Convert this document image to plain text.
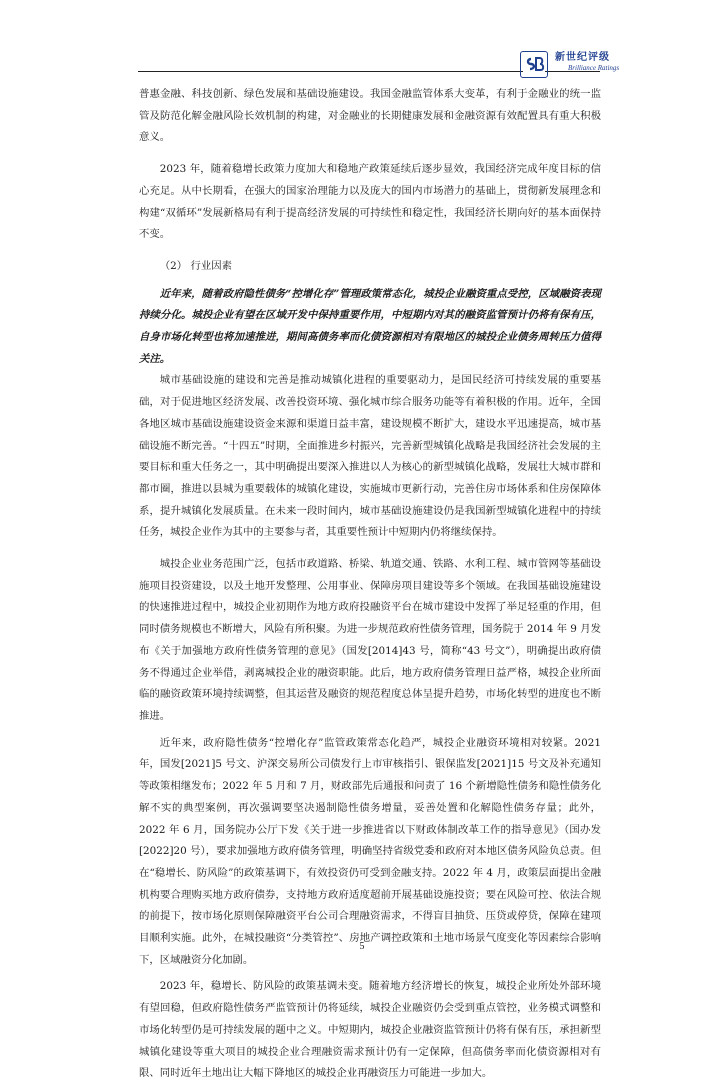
新世纪评级
Brilliance Ratings

普惠金融、科技创新、绿色发展和基础设施建设。我国金融监管体系大变革，有利于金融业的统一监管及防范化解金融风险长效机制的构建，对金融业的长期健康发展和金融资源有效配置具有重大积极意义。

2023 年，随着稳增长政策力度加大和稳地产政策延续后逐步显效，我国经济完成年度目标的信心充足。从中长期看，在强大的国家治理能力以及庞大的国内市场潜力的基础上，贯彻新发展理念和构建“双循环”发展新格局有利于提高经济发展的可持续性和稳定性，我国经济长期向好的基本面保持不变。

（2） 行业因素

近年来，随着政府隐性债务“控增化存”管理政策常态化，城投企业融资重点受控，区域融资表现持续分化。城投企业有望在区域开发中保持重要作用，中短期内对其的融资监管预计仍将有保有压，自身市场化转型也将加速推进，期间高债务率而化债资源相对有限地区的城投企业债务周转压力值得关注。

城市基础设施的建设和完善是推动城镇化进程的重要驱动力，是国民经济可持续发展的重要基础，对于促进地区经济发展、改善投资环境、强化城市综合服务功能等有着积极的作用。近年，全国各地区城市基础设施建设资金来源和渠道日益丰富，建设规模不断扩大，建设水平迅速提高，城市基础设施不断完善。“十四五”时期，全面推进乡村振兴，完善新型城镇化战略是我国经济社会发展的主要目标和重大任务之一，其中明确提出要深入推进以人为核心的新型城镇化战略，发展壮大城市群和都市圈，推进以县城为重要载体的城镇化建设，实施城市更新行动，完善住房市场体系和住房保障体系，提升城镇化发展质量。在未来一段时间内，城市基础设施建设仍是我国新型城镇化进程中的持续任务，城投企业作为其中的主要参与者，其重要性预计中短期内仍将继续保持。

城投企业业务范围广泛，包括市政道路、桥梁、轨道交通、铁路、水利工程、城市管网等基础设施项目投资建设，以及土地开发整理、公用事业、保障房项目建设等多个领域。在我国基础设施建设的快速推进过程中，城投企业初期作为地方政府投融资平台在城市建设中发挥了举足轻重的作用，但同时债务规模也不断增大，风险有所积聚。为进一步规范政府性债务管理，国务院于 2014 年 9 月发布《关于加强地方政府性债务管理的意见》（国发[2014]43 号，简称“43 号文”），明确提出政府债务不得通过企业举借，剥离城投企业的融资职能。此后，地方政府债务管理日益严格，城投企业所面临的融资政策环境持续调整，但其运营及融资的规范程度总体呈提升趋势，市场化转型的进度也不断推进。

近年来，政府隐性债务“控增化存”监管政策常态化趋严，城投企业融资环境相对较紧。2021 年，国发[2021]5 号文、沪深交易所公司债发行上市审核指引、银保监发[2021]15 号文及补充通知等政策相继发布；2022 年 5 月和 7 月，财政部先后通报和问责了 16 个新增隐性债务和隐性债务化解不实的典型案例，再次强调要坚决遏制隐性债务增量，妥善处置和化解隐性债务存量；此外，2022 年 6 月，国务院办公厅下发《关于进一步推进省以下财政体制改革工作的指导意见》（国办发[2022]20 号），要求加强地方政府债务管理，明确坚持省级党委和政府对本地区债务风险负总责。但在“稳增长、防风险”的政策基调下，有效投资仍可受到金融支持。2022 年 4 月，政策层面提出金融机构要合理购买地方政府债券，支持地方政府适度超前开展基础设施投资；要在风险可控、依法合规的前提下，按市场化原则保障融资平台公司合理融资需求，不得盲目抽贷、压贷或停贷，保障在建项目顺利实施。此外，在城投融资“分类管控”、房地产调控政策和土地市场景气度变化等因素综合影响下，区域融资分化加剧。

2023 年，稳增长、防风险的政策基调未变。随着地方经济增长的恢复，城投企业所处外部环境有望回稳，但政府隐性债务严监管预计仍将延续，城投企业融资仍会受到重点管控，业务模式调整和市场化转型仍是可持续发展的题中之义。中短期内，城投企业融资监管预计仍将有保有压，承担新型城镇化建设等重大项目的城投企业合理融资需求预计仍有一定保障，但高债务率而化债资源相对有限、同时近年土地出让大幅下降地区的城投企业再融资压力可能进一步加大。

5
